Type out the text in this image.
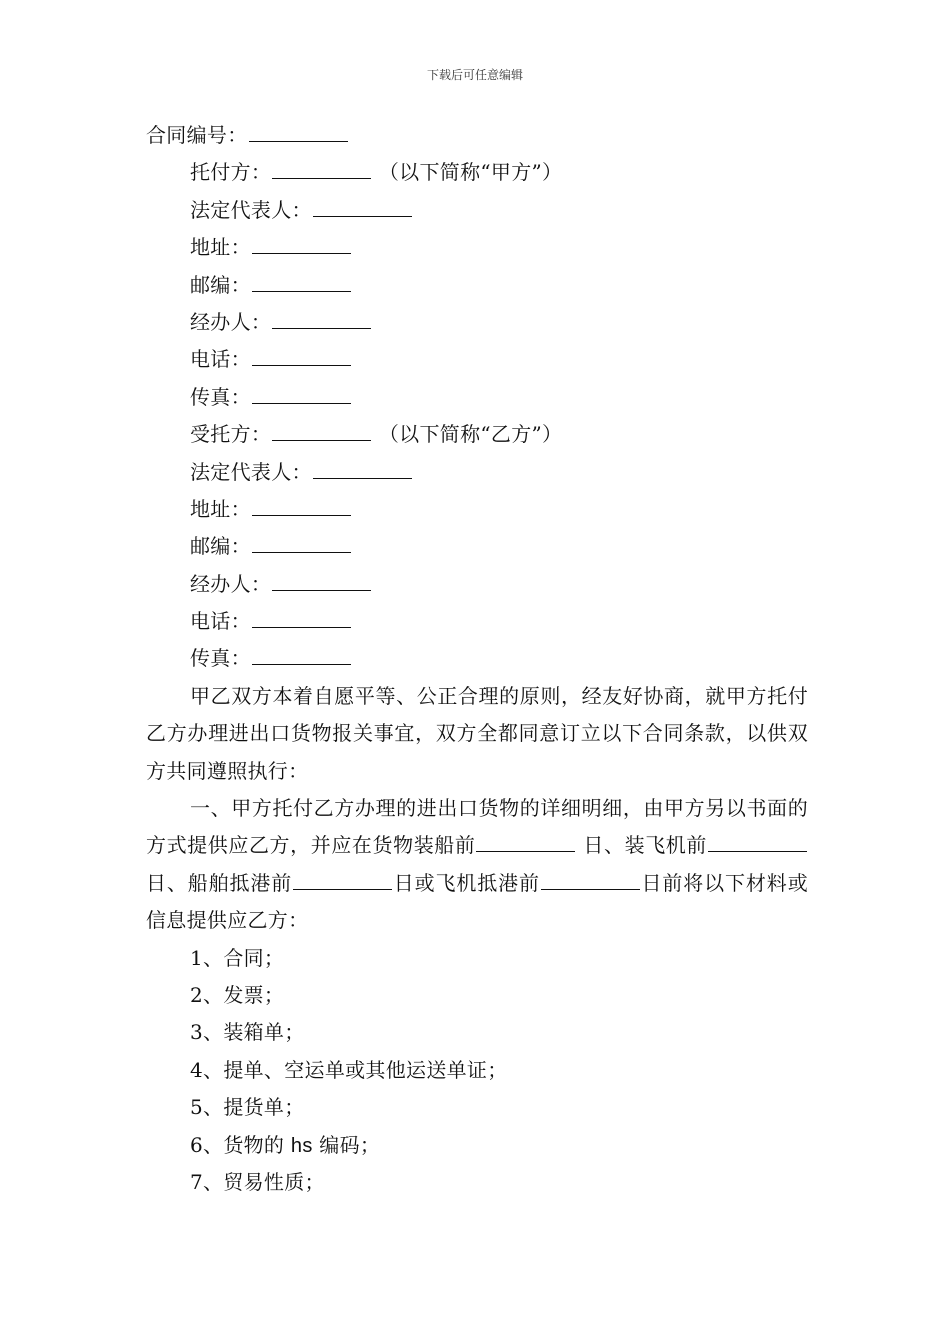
下载后可任意编辑
合同编号：
托付方：	（以下简称“甲方”）
法定代表人：
地址：
邮编：
经办人：
电话：
传真：
受托方：	（以下简称“乙方”）
法定代表人：
地址：
邮编：
经办人：
电话：
传真：
甲乙双方本着自愿平等、公正合理的原则，经友好协商，就甲方托付乙方办理进出口货物报关事宜，双方全都同意订立以下合同条款，以供双方共同遵照执行：
一、甲方托付乙方办理的进出口货物的详细明细，由甲方另以书面的方式提供应乙方，并应在货物装船前	日、装飞机前日、船舶抵港前	日或飞机抵港前	日前将以下材料或信息提供应乙方：
1、合同；
2、发票；
3、装箱单；
4、提单、空运单或其他运送单证；
5、提货单；
6、货物的 hs 编码；
7、贸易性质；
